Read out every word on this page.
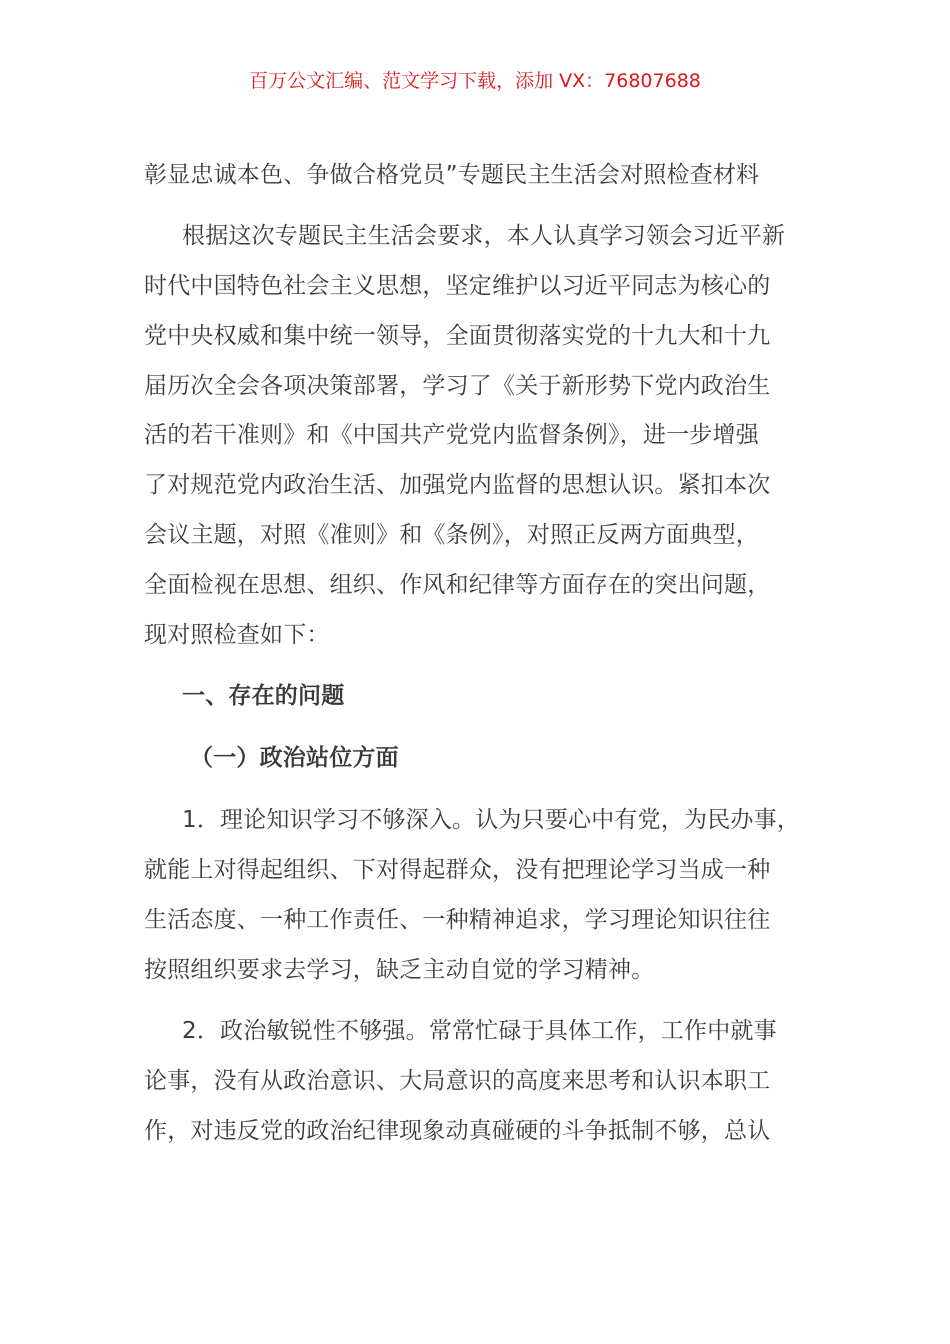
百万公文汇编、范文学习下载，添加 VX：76807688
彰显忠诚本色、争做合格党员”专题民主生活会对照检查材料
根据这次专题民主生活会要求，本人认真学习领会习近平新
时代中国特色社会主义思想，坚定维护以习近平同志为核心的
党中央权威和集中统一领导，全面贯彻落实党的十九大和十九
届历次全会各项决策部署，学习了《关于新形势下党内政治生
活的若干准则》和《中国共产党党内监督条例》，进一步增强
了对规范党内政治生活、加强党内监督的思想认识。紧扣本次
会议主题，对照《准则》和《条例》，对照正反两方面典型，
全面检视在思想、组织、作风和纪律等方面存在的突出问题，
现对照检查如下：
一、存在的问题
（一）政治站位方面
1．理论知识学习不够深入。认为只要心中有党，为民办事，
就能上对得起组织、下对得起群众，没有把理论学习当成一种
生活态度、一种工作责任、一种精神追求，学习理论知识往往
按照组织要求去学习，缺乏主动自觉的学习精神。
2．政治敏锐性不够强。常常忙碌于具体工作，工作中就事
论事，没有从政治意识、大局意识的高度来思考和认识本职工
作，对违反党的政治纪律现象动真碰硬的斗争抵制不够，总认
